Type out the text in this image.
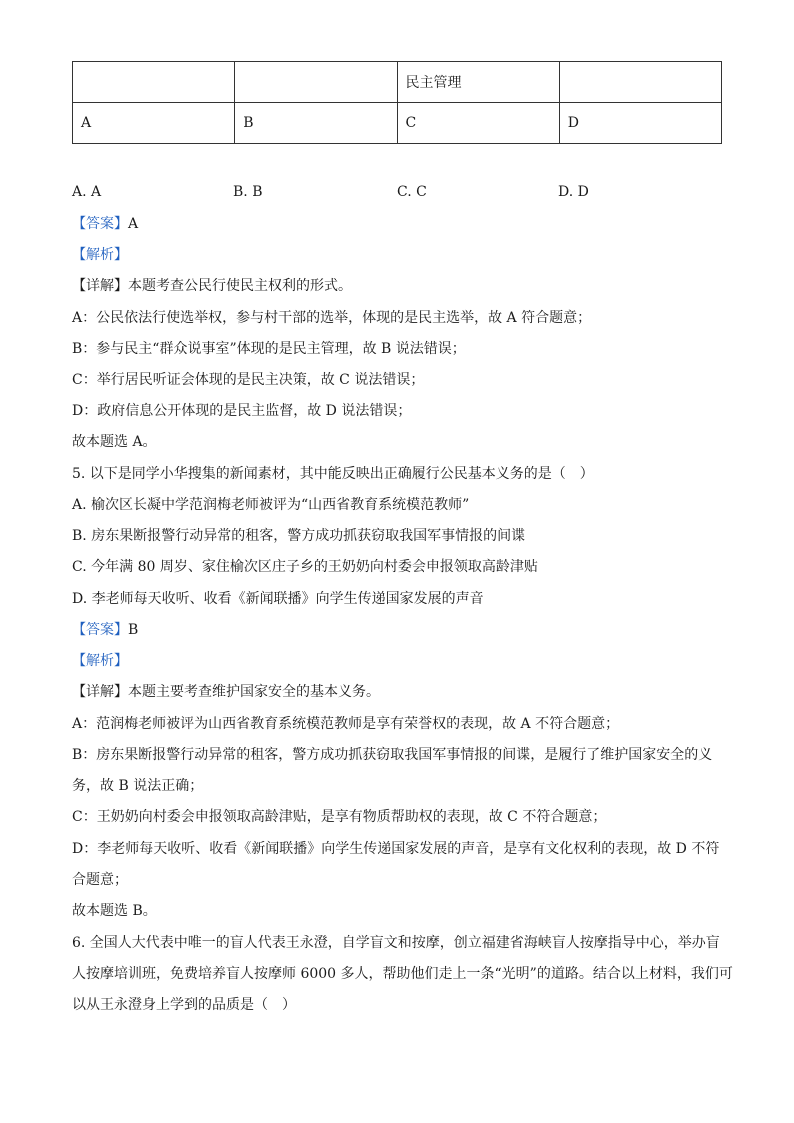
		民主管理	
A	B	C	D
A. A	B. B	C. C	D. D
【答案】A
【解析】
【详解】本题考查公民行使民主权利的形式。
A：公民依法行使选举权，参与村干部的选举，体现的是民主选举，故 A 符合题意；
B：参与民主“群众说事室”体现的是民主管理，故 B 说法错误；
C：举行居民听证会体现的是民主决策，故 C 说法错误；
D：政府信息公开体现的是民主监督，故 D 说法错误；
故本题选 A。
5. 以下是同学小华搜集的新闻素材，其中能反映出正确履行公民基本义务的是（　）
A. 榆次区长凝中学范润梅老师被评为“山西省教育系统模范教师”
B. 房东果断报警行动异常的租客，警方成功抓获窃取我国军事情报的间谍
C. 今年满 80 周岁、家住榆次区庄子乡的王奶奶向村委会申报领取高龄津贴
D. 李老师每天收听、收看《新闻联播》向学生传递国家发展的声音
【答案】B
【解析】
【详解】本题主要考查维护国家安全的基本义务。
A：范润梅老师被评为山西省教育系统模范教师是享有荣誉权的表现，故 A 不符合题意；
B：房东果断报警行动异常的租客，警方成功抓获窃取我国军事情报的间谍，是履行了维护国家安全的义
务，故 B 说法正确；
C：王奶奶向村委会申报领取高龄津贴，是享有物质帮助权的表现，故 C 不符合题意；
D：李老师每天收听、收看《新闻联播》向学生传递国家发展的声音，是享有文化权利的表现，故 D 不符
合题意；
故本题选 B。
6. 全国人大代表中唯一的盲人代表王永澄，自学盲文和按摩，创立福建省海峡盲人按摩指导中心，举办盲
人按摩培训班，免费培养盲人按摩师 6000 多人，帮助他们走上一条“光明”的道路。结合以上材料，我们可
以从王永澄身上学到的品质是（　）
